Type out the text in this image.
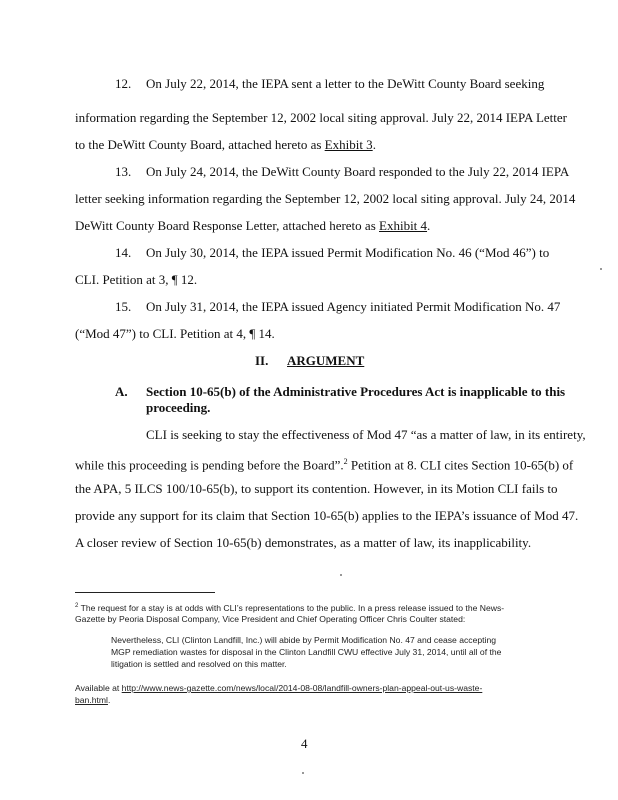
12. On July 22, 2014, the IEPA sent a letter to the DeWitt County Board seeking
information regarding the September 12, 2002 local siting approval. July 22, 2014 IEPA Letter
to the DeWitt County Board, attached hereto as Exhibit 3.
13. On July 24, 2014, the DeWitt County Board responded to the July 22, 2014 IEPA
letter seeking information regarding the September 12, 2002 local siting approval. July 24, 2014
DeWitt County Board Response Letter, attached hereto as Exhibit 4.
14. On July 30, 2014, the IEPA issued Permit Modification No. 46 (“Mod 46”) to
CLI. Petition at 3, ¶ 12.
15. On July 31, 2014, the IEPA issued Agency initiated Permit Modification No. 47
(“Mod 47”) to CLI. Petition at 4, ¶ 14.
II. ARGUMENT
A. Section 10-65(b) of the Administrative Procedures Act is inapplicable to this
proceeding.
CLI is seeking to stay the effectiveness of Mod 47 “as a matter of law, in its entirety,
while this proceeding is pending before the Board”.$^2$ Petition at 8. CLI cites Section 10-65(b) of
the APA, 5 ILCS 100/10-65(b), to support its contention. However, in its Motion CLI fails to
provide any support for its claim that Section 10-65(b) applies to the IEPA’s issuance of Mod 47.
A closer review of Section 10-65(b) demonstrates, as a matter of law, its inapplicability.
$^2$ The request for a stay is at odds with CLI’s representations to the public. In a press release issued to the News-
Gazette by Peoria Disposal Company, Vice President and Chief Operating Officer Chris Coulter stated:
Nevertheless, CLI (Clinton Landfill, Inc.) will abide by Permit Modification No. 47 and cease accepting
MGP remediation wastes for disposal in the Clinton Landfill CWU effective July 31, 2014, until all of the
litigation is settled and resolved on this matter.
Available at http://www.news-gazette.com/news/local/2014-08-08/landfill-owners-plan-appeal-out-us-waste-
ban.html.
4
